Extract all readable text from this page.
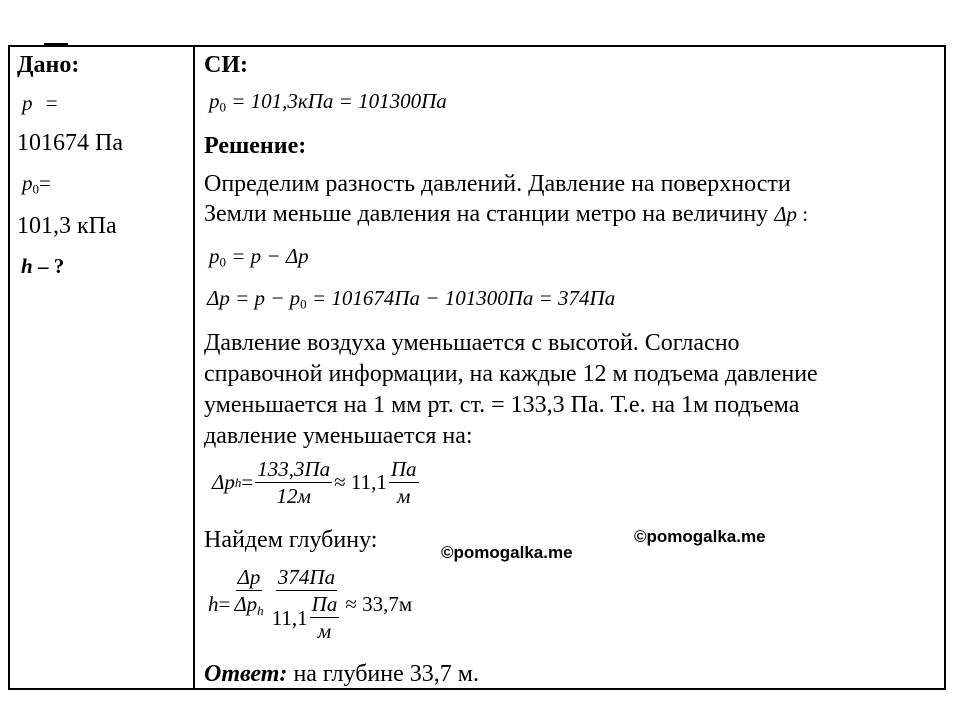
Дано:
p =
101674 Па
$p_0=$
101,3 кПа
h – ?
СИ:
$p_0 = 101,3кПа = 101300Па$
Решение:
Определим разность давлений. Давление на поверхности
Земли меньше давления на станции метро на величину Δp :
$p_0 = p - \Delta p$
$\Delta p = p - p_0 = 101674Па - 101300Па = 374Па$
Давление воздуха уменьшается с высотой. Согласно
справочной информации, на каждые 12 м подъема давление
уменьшается на 1 мм рт. ст. = 133,3 Па. Т.е. на 1м подъема
давление уменьшается на:
Δp $h = \frac{133,3Па}{12м} \approx 11,1 \frac{Па}{м}$
Найдем глубину:
$h = \frac{\Delta p}{\text{Δph}} \frac{374Па}{11,1 \frac{Па}{м}} \approx 33,7м$
Ответ: на глубине 33,7 м.
©pomogalka.me
©pomogalka.me
